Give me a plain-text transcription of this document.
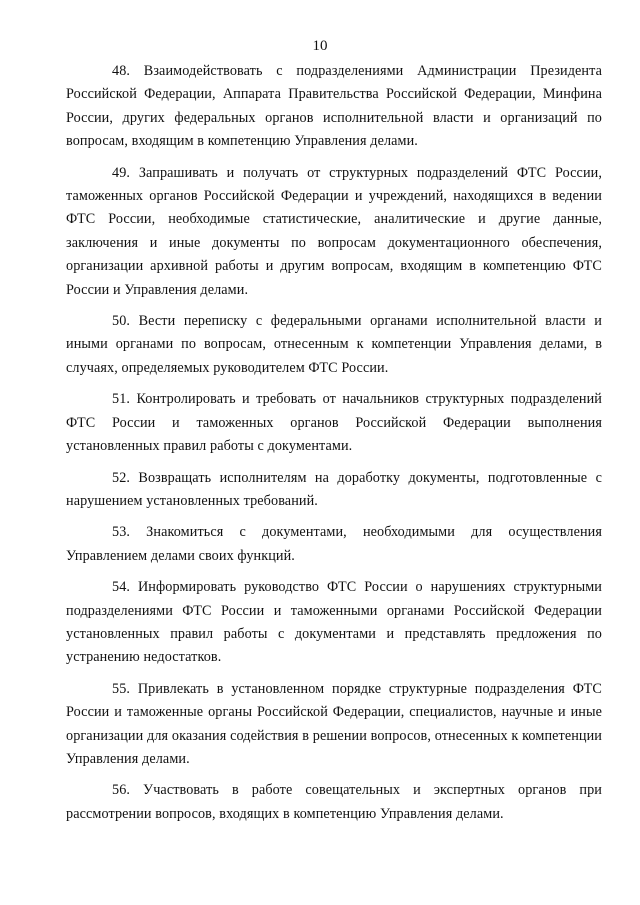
10

48. Взаимодействовать с подразделениями Администрации Президента Российской Федерации, Аппарата Правительства Российской Федерации, Минфина России, других федеральных органов исполнительной власти и организаций по вопросам, входящим в компетенцию Управления делами.

49. Запрашивать и получать от структурных подразделений ФТС России, таможенных органов Российской Федерации и учреждений, находящихся в ведении ФТС России, необходимые статистические, аналитические и другие данные, заключения и иные документы по вопросам документационного обеспечения, организации архивной работы и другим вопросам, входящим в компетенцию ФТС России и Управления делами.

50. Вести переписку с федеральными органами исполнительной власти и иными органами по вопросам, отнесенным к компетенции Управления делами, в случаях, определяемых руководителем ФТС России.

51. Контролировать и требовать от начальников структурных подразделений ФТС России и таможенных органов Российской Федерации выполнения установленных правил работы с документами.

52. Возвращать исполнителям на доработку документы, подготовленные с нарушением установленных требований.

53. Знакомиться с документами, необходимыми для осуществления Управлением делами своих функций.

54. Информировать руководство ФТС России о нарушениях структурными подразделениями ФТС России и таможенными органами Российской Федерации установленных правил работы с документами и представлять предложения по устранению недостатков.

55. Привлекать в установленном порядке структурные подразделения ФТС России и таможенные органы Российской Федерации, специалистов, научные и иные организации для оказания содействия в решении вопросов, отнесенных к компетенции Управления делами.

56. Участвовать в работе совещательных и экспертных органов при рассмотрении вопросов, входящих в компетенцию Управления делами.
